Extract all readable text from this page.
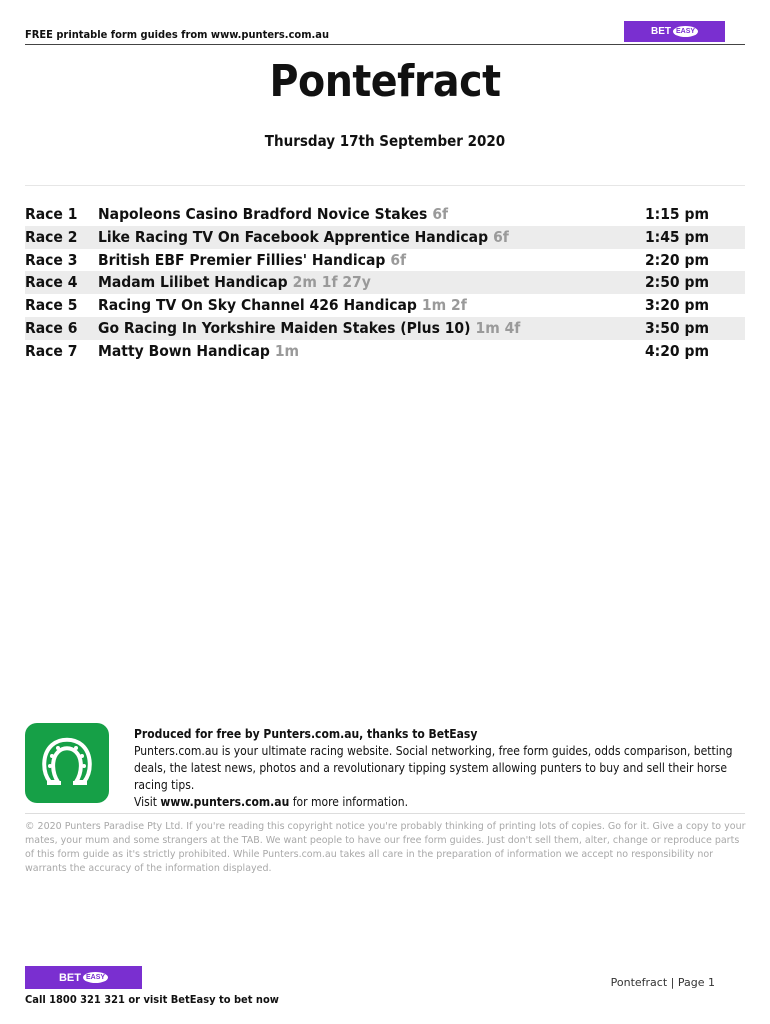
FREE printable form guides from www.punters.com.au	BET EASY
Pontefract
Thursday 17th September 2020
Race 1 Napoleons Casino Bradford Novice Stakes 6f	1:15 pm
Race 2 Like Racing TV On Facebook Apprentice Handicap 6f	1:45 pm
Race 3 British EBF Premier Fillies' Handicap 6f	2:20 pm
Race 4 Madam Lilibet Handicap 2m 1f 27y	2:50 pm
Race 5 Racing TV On Sky Channel 426 Handicap 1m 2f	3:20 pm
Race 6 Go Racing In Yorkshire Maiden Stakes (Plus 10) 1m 4f	3:50 pm
Race 7 Matty Bown Handicap 1m	4:20 pm
Produced for free by Punters.com.au, thanks to BetEasy
Punters.com.au is your ultimate racing website. Social networking, free form guides, odds comparison, betting deals, the latest news, photos and a revolutionary tipping system allowing punters to buy and sell their horse racing tips.
Visit www.punters.com.au for more information.
© 2020 Punters Paradise Pty Ltd. If you're reading this copyright notice you're probably thinking of printing lots of copies. Go for it. Give a copy to your mates, your mum and some strangers at the TAB. We want people to have our free form guides. Just don't sell them, alter, change or reproduce parts of this form guide as it's strictly prohibited. While Punters.com.au takes all care in the preparation of information we accept no responsibility nor warrants the accuracy of the information displayed.
BET EASY	Pontefract | Page 1
Call 1800 321 321 or visit BetEasy to bet now
